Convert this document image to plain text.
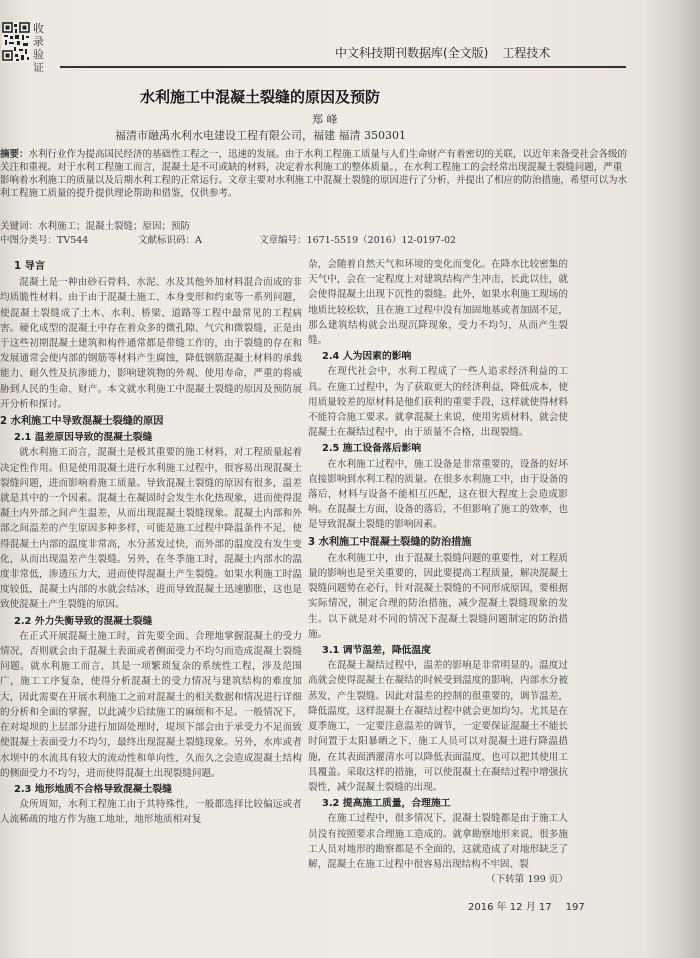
收录验证
中文科技期刊数据库(全文版) 工程技术
水利施工中混凝土裂缝的原因及预防
郑 峰
福清市融禹水利水电建设工程有限公司，福建 福清 350301
摘要：水利行业作为提高国民经济的基础性工程之一，迅速的发展。由于水利工程施工质量与人们生命财产有着密切的关联，以近年来备受社会各级的关注和重视。对于水利工程施工而言，混凝土是不可或缺的材料，决定着水利施工的整体质量。，在水利工程施工的会经常出现混凝土裂缝问题，严重影响着水利施工的质量以及后期水利工程的正常运行。文章主要对水利施工中混凝土裂缝的原因进行了分析，并提出了相应的防治措施，希望可以为水利工程施工质量的提升提供理论帮助和借鉴，仅供参考。
关键词：水利施工；混凝土裂缝；原因；预防
中图分类号：TV544	文献标识码：A	文章编号：1671-5519（2016）12-0197-02
1 导言

混凝土是一种由砂石骨料、水泥、水及其他外加材料混合而成的非均质脆性材料。由于由于混凝土施工、本身变形和约束等一系列问题，使混凝土裂缝成了土木、水利、桥梁、道路等工程中最常见的工程病害。硬化成型的混凝土中存在着众多的微孔隙、气穴和微裂缝，正是由于这些初期混凝土建筑和构件通常都是带缝工作的，由于裂缝的存在和发展通常会使内部的钢筋等材料产生腐蚀，降低钢筋混凝土材料的承载能力、耐久性及抗渗能力，影响建筑物的外观、使用寿命，严重的将威胁到人民的生命、财产。本文就水利施工中混凝土裂缝的原因及预防展开分析和探讨。

2 水利施工中导致混凝土裂缝的原因
2.1 温差原因导致的混凝土裂缝

就水利施工而言，混凝土是极其重要的施工材料，对工程质量起着决定性作用。但是使用混凝土进行水利施工过程中，很容易出现混凝土裂缝问题，进而影响着施工质量。导致混凝土裂缝的原因有很多，温差就是其中的一个因素。混凝土在凝固时会发生水化热现象，进而使得混凝土内外部之间产生温差，从而出现混凝土裂缝现象。混凝土内部和外部之间温差的产生原因多种多样，可能是施工过程中降温条件不足，使得混凝土内部的温度非常高，水分蒸发过快，而外部的温度没有发生变化，从而出现温差产生裂缝。另外，在冬季施工时，混凝土内部水的温度非常低，渗透压力大，进而使得混凝土产生裂缝。如果水利施工时温度较低，混凝土内部的水就会结冰，进而导致混凝土迅速膨胀，这也是致使混凝土产生裂缝的原因。

2.2 外力失衡导致的混凝土裂缝

在正式开展混凝土施工时，首先要全面、合理地掌握混凝土的受力情况，否则就会由于混凝土表面或者侧面受力不均匀而造成混凝土裂缝问题。就水利施工而言，其是一项繁琐复杂的系统性工程，涉及范围广，施工工序复杂，使得分析混凝土的受力情况与建筑结构的难度加大，因此需要在开展水利施工之前对混凝土的相关数据和情况进行详细的分析和全面的掌握，以此减少后续施工的麻烦和不足。一般情况下，在对堤坝的上层部分进行加固处理时，堤坝下部会由于承受力不足而致使混凝土表面受力不均匀，最终出现混凝土裂缝现象。另外，水库或者水坝中的水流具有较大的流动性和单向性，久而久之会造成混凝土结构的侧面受力不均匀，进而使得混凝土出现裂缝问题。

2.3 地形地质不合格导致混凝土裂缝

众所周知，水利工程施工由于其特殊性，一般都选择比较偏远或者人流稀疏的地方作为施工地址，地形地质相对复

杂，会随着自然天气和环境的变化而变化。在降水比较密集的天气中，会在一定程度上对建筑结构产生冲击，长此以往，就会使得混凝土出现下沉性的裂缝。此外，如果水利施工现场的地质比较松软，且在施工过程中没有加固地基或者加固不足，那么建筑结构就会出现沉降现象，受力不均匀，从而产生裂缝。

2.4 人为因素的影响

在现代社会中，水利工程成了一些人追求经济利益的工具。在施工过程中，为了获取更大的经济利益，降低成本，使用质量较差的原材料是他们获利的重要手段，这样就使得材料不能符合施工要求。就拿混凝土来说，使用劣质材料，就会使混凝土在凝结过程中，由于质量不合格，出现裂缝。

2.5 施工设备落后影响

在水利施工过程中，施工设备是非常重要的，设备的好坏直接影响到水利工程的质量。在很多水利施工中，由于设备的落后，材料与设备不能相互匹配，这在很大程度上会造成影响。在混凝土方面，设备的落后，不但影响了施工的效率，也是导致混凝土裂缝的影响因素。

3 水利施工中混凝土裂缝的防治措施

在水利施工中，由于混凝土裂缝问题的重要性，对工程质量的影响也是至关重要的，因此要提高工程质量，解决混凝土裂缝问题势在必行，针对混凝土裂缝的不同形成原因，要根据实际情况，制定合理的防治措施，减少混凝土裂缝现象的发生。以下就是对不同的情况下混凝土裂缝问题制定的防治措施。

3.1 调节温差，降低温度

在混凝土凝结过程中，温差的影响是非常明显的。温度过高就会使得混凝土在凝结的时候受到温度的影响，内部水分被蒸发，产生裂缝。因此对温差的控制的很重要的，调节温差，降低温度，这样混凝土在凝结过程中就会更加均匀。尤其是在夏季施工，一定要注意温差的调节，一定要保证混凝土不能长时间置于太阳暴晒之下，施工人员可以对混凝土进行降温措施，在其表面洒灌清水可以降低表面温度，也可以把其使用工具覆盖。采取这样的措施，可以使混凝土在凝结过程中增强抗裂性，减少混凝土裂缝的出现。

3.2 提高施工质量，合理施工

在施工过程中，很多情况下，混凝土裂缝都是由于施工人员没有按照要求合理施工造成的。就拿勘察地形来说，很多施工人员对地形的勘察都是不全面的，这就造成了对地形缺乏了解，混凝土在施工过程中很容易出现结构不牢固、裂

（下转第 199 页）

2016 年 12 月 17 197
